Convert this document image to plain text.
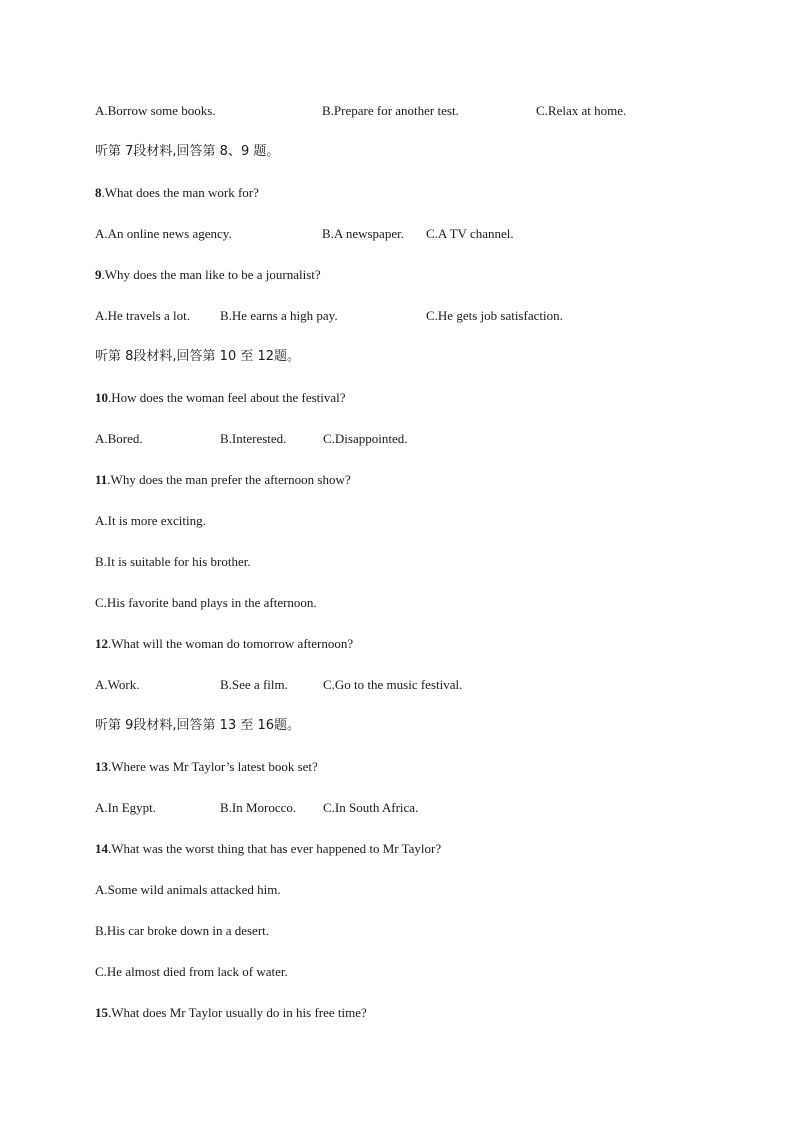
A.Borrow some books.	B.Prepare for another test.	C.Relax at home.
听第 7段材料,回答第 8、9 题。
8.What does the man work for?
A.An online news agency.	B.A newspaper. C.A TV channel.
9.Why does the man like to be a journalist?
A.He travels a lot. B.He earns a high pay.	C.He gets job satisfaction.
听第 8段材料,回答第 10 至 12题。
10.How does the woman feel about the festival?
A.Bored.	B.Interested.	C.Disappointed.
11.Why does the man prefer the afternoon show?
A.It is more exciting.
B.It is suitable for his brother.
C.His favorite band plays in the afternoon.
12.What will the woman do tomorrow afternoon?
A.Work.	B.See a film.	C.Go to the music festival.
听第 9段材料,回答第 13 至 16题。
13.Where was Mr Taylor’s latest book set?
A.In Egypt.	B.In Morocco. C.In South Africa.
14.What was the worst thing that has ever happened to Mr Taylor?
A.Some wild animals attacked him.
B.His car broke down in a desert.
C.He almost died from lack of water.
15.What does Mr Taylor usually do in his free time?
